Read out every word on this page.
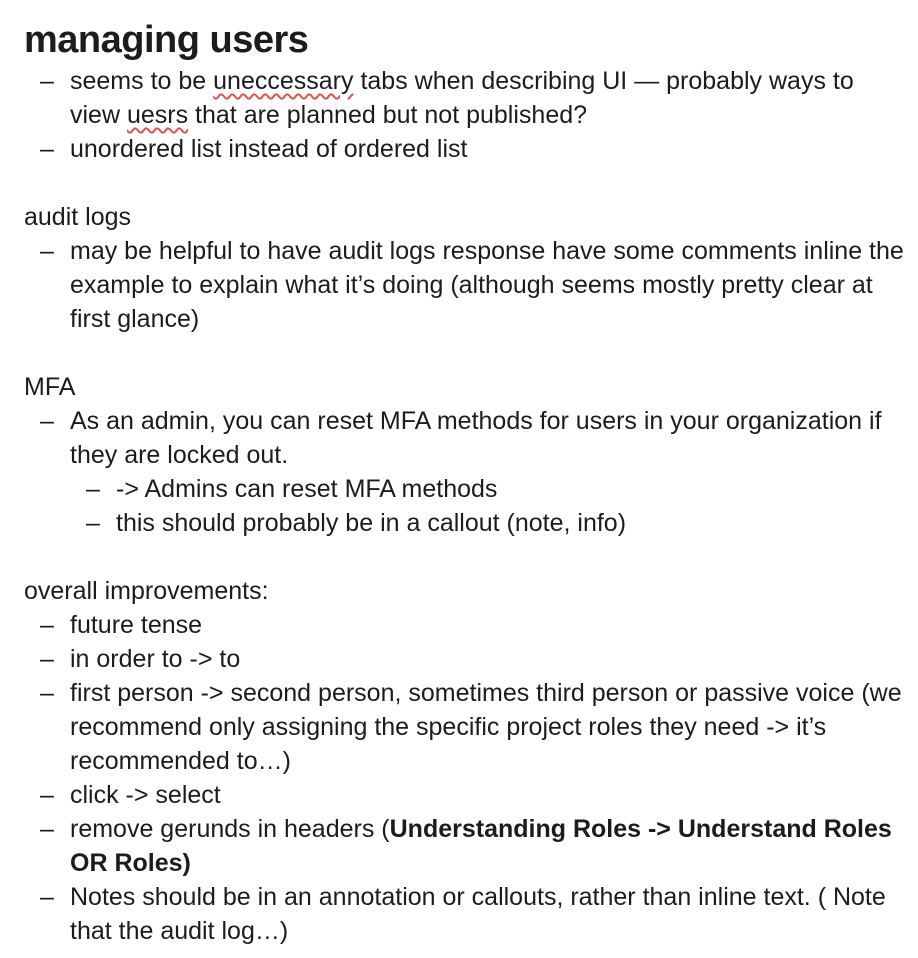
managing users
– seems to be uneccessary tabs when describing UI — probably ways to view uesrs that are planned but not published?
– unordered list instead of ordered list

audit logs

– may be helpful to have audit logs response have some comments inline the example to explain what it’s doing (although seems mostly pretty clear at first glance)

MFA

– As an admin, you can reset MFA methods for users in your organization if they are locked out.
– -> Admins can reset MFA methods
– this should probably be in a callout (note, info)

overall improvements:

– future tense
– in order to -> to
– first person -> second person, sometimes third person or passive voice (we recommend only assigning the specific project roles they need -> it’s recommended to…)
– click -> select
– remove gerunds in headers (Understanding Roles -> Understand Roles OR Roles)
– Notes should be in an annotation or callouts, rather than inline text. ( Note that the audit log…)
